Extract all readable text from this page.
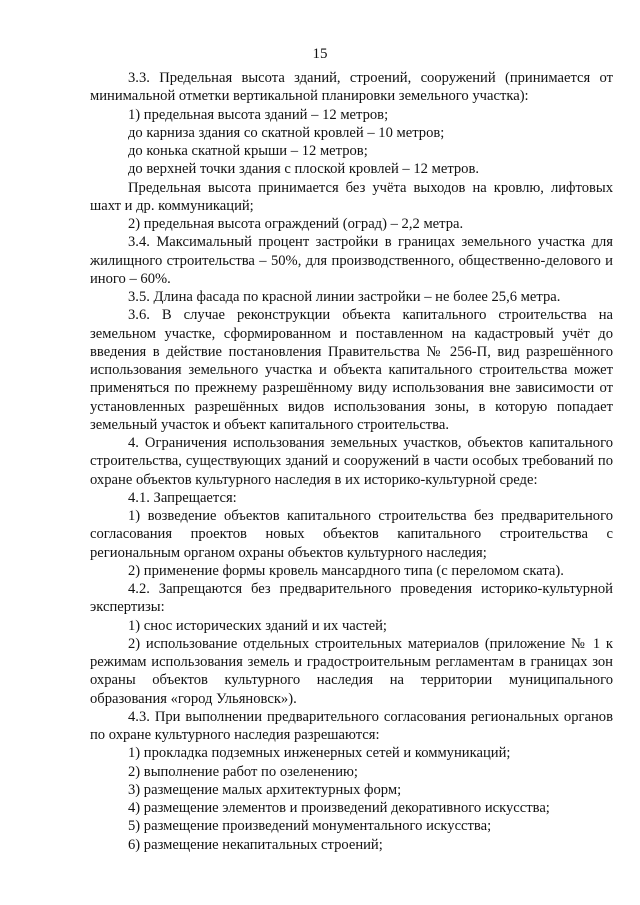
15

3.3. Предельная высота зданий, строений, сооружений (принимается от минимальной отметки вертикальной планировки земельного участка):

1) предельная высота зданий – 12 метров;

до карниза здания со скатной кровлей – 10 метров;

до конька скатной крыши – 12 метров;

до верхней точки здания с плоской кровлей – 12 метров.

Предельная высота принимается без учёта выходов на кровлю, лифтовых шахт и др. коммуникаций;

2) предельная высота ограждений (оград) – 2,2 метра.

3.4. Максимальный процент застройки в границах земельного участка для жилищного строительства – 50%, для производственного, общественно-делового и иного – 60%.

3.5. Длина фасада по красной линии застройки – не более 25,6 метра.

3.6. В случае реконструкции объекта капитального строительства на земельном участке, сформированном и поставленном на кадастровый учёт до введения в действие постановления Правительства № 256-П, вид разрешённого использования земельного участка и объекта капитального строительства может применяться по прежнему разрешённому виду использования вне зависимости от установленных разрешённых видов использования зоны, в которую попадает земельный участок и объект капитального строительства.

4. Ограничения использования земельных участков, объектов капитального строительства, существующих зданий и сооружений в части особых требований по охране объектов культурного наследия в их историко-культурной среде:

4.1. Запрещается:

1) возведение объектов капитального строительства без предварительного согласования проектов новых объектов капитального строительства с региональным органом охраны объектов культурного наследия;

2) применение формы кровель мансардного типа (с переломом ската).

4.2. Запрещаются без предварительного проведения историко-культурной экспертизы:

1) снос исторических зданий и их частей;

2) использование отдельных строительных материалов (приложение № 1 к режимам использования земель и градостроительным регламентам в границах зон охраны объектов культурного наследия на территории муниципального образования «город Ульяновск»).

4.3. При выполнении предварительного согласования региональных органов по охране культурного наследия разрешаются:

1) прокладка подземных инженерных сетей и коммуникаций;

2) выполнение работ по озеленению;

3) размещение малых архитектурных форм;

4) размещение элементов и произведений декоративного искусства;

5) размещение произведений монументального искусства;

6) размещение некапитальных строений;
